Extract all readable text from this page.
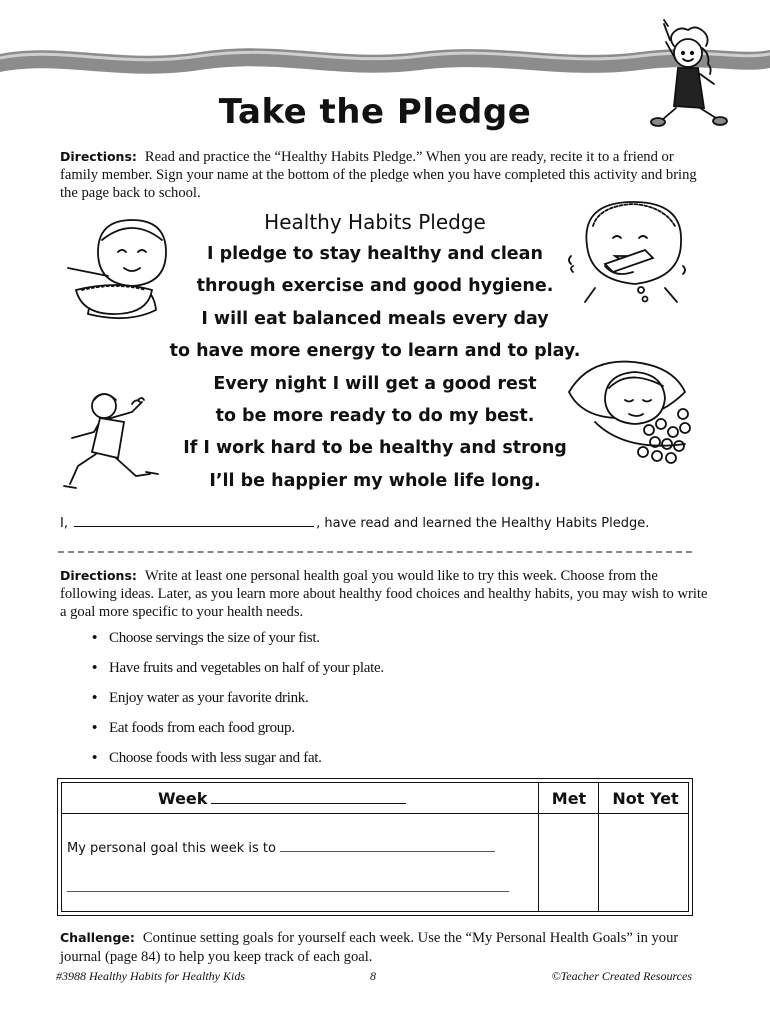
Take the Pledge

Directions: Read and practice the “Healthy Habits Pledge.” When you are ready, recite it to a friend or family member. Sign your name at the bottom of the pledge when you have completed this activity and bring the page back to school.

Healthy Habits Pledge
I pledge to stay healthy and clean
through exercise and good hygiene.
I will eat balanced meals every day
to have more energy to learn and to play.
Every night I will get a good rest
to be more ready to do my best.
If I work hard to be healthy and strong
I’ll be happier my whole life long.
I,	, have read and learned the Healthy Habits Pledge.

Directions: Write at least one personal health goal you would like to try this week. Choose from the following ideas. Later, as you learn more about healthy food choices and healthy habits, you may wish to write a goal more specific to your health needs.

• Choose servings the size of your fist.
• Have fruits and vegetables on half of your plate.
• Enjoy water as your favorite drink.
• Eat foods from each food group.
• Choose foods with less sugar and fat.
Week	Met	Not Yet
My personal goal this week is to

Challenge: Continue setting goals for yourself each week. Use the “My Personal Health Goals” in your journal (page 84) to help you keep track of each goal.

#3988 Healthy Habits for Healthy Kids	8	©Teacher Created Resources
